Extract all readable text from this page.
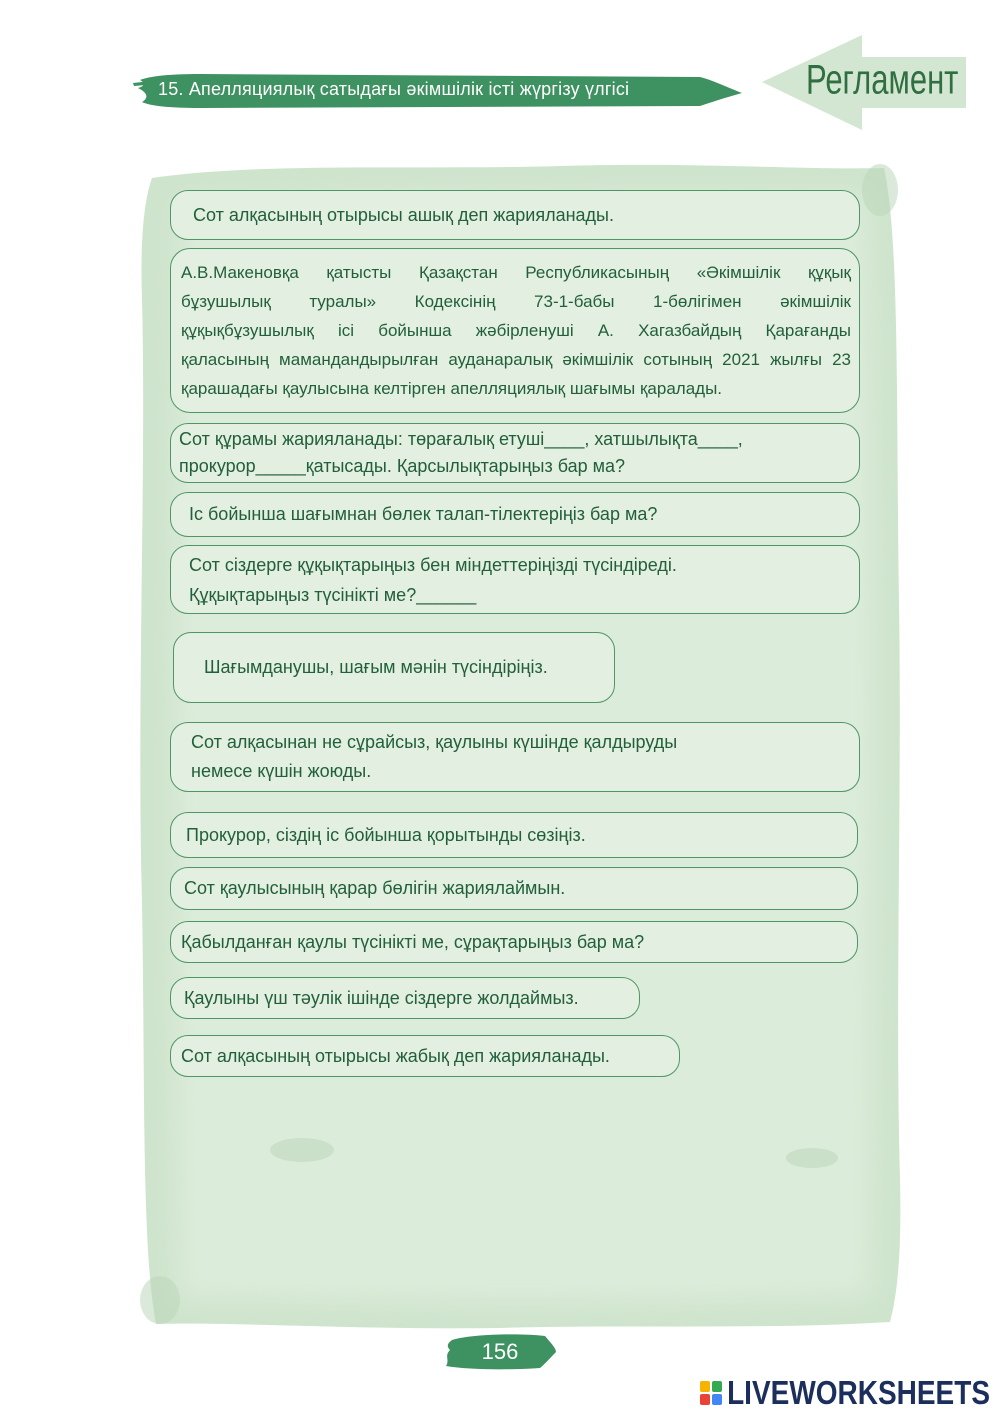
15. Апелляциялық сатыдағы әкімшілік істі жүргізу үлгісі	Регламент
Сот алқасының отырысы ашық деп жарияланады.
А.В.Макеновқа қатысты Қазақстан Республикасының «Әкімшілік құқық
бұзушылық туралы» Кодексінің 73-1-бабы 1-бөлігімен әкімшілік
құқықбұзушылық ісі бойынша жәбірленуші А. Хагазбайдың Қарағанды
қаласының мамандандырылған ауданаралық әкімшілік сотының 2021 жылғы 23
қарашадағы қаулысына келтірген апелляциялық шағымы қаралады.
Сот құрамы жарияланады: төрағалық етуші____, хатшылықта____,
прокурор_____қатысады. Қарсылықтарыңыз бар ма?
Іс бойынша шағымнан бөлек талап-тілектеріңіз бар ма?
Сот сіздерге құқықтарыңыз бен міндеттеріңізді түсіндіреді.
Құқықтарыңыз түсінікті ме?______
Шағымданушы, шағым мәнін түсіндіріңіз.
Сот алқасынан не сұрайсыз, қаулыны күшінде қалдыруды
немесе күшін жоюды.
Прокурор, сіздің іс бойынша қорытынды сөзіңіз.
Сот қаулысының қарар бөлігін жариялаймын.
Қабылданған қаулы түсінікті ме, сұрақтарыңыз бар ма?
Қаулыны үш тәулік ішінде сіздерге жолдаймыз.
Сот алқасының отырысы жабық деп жарияланады.
156
LIVEWORKSHEETS
